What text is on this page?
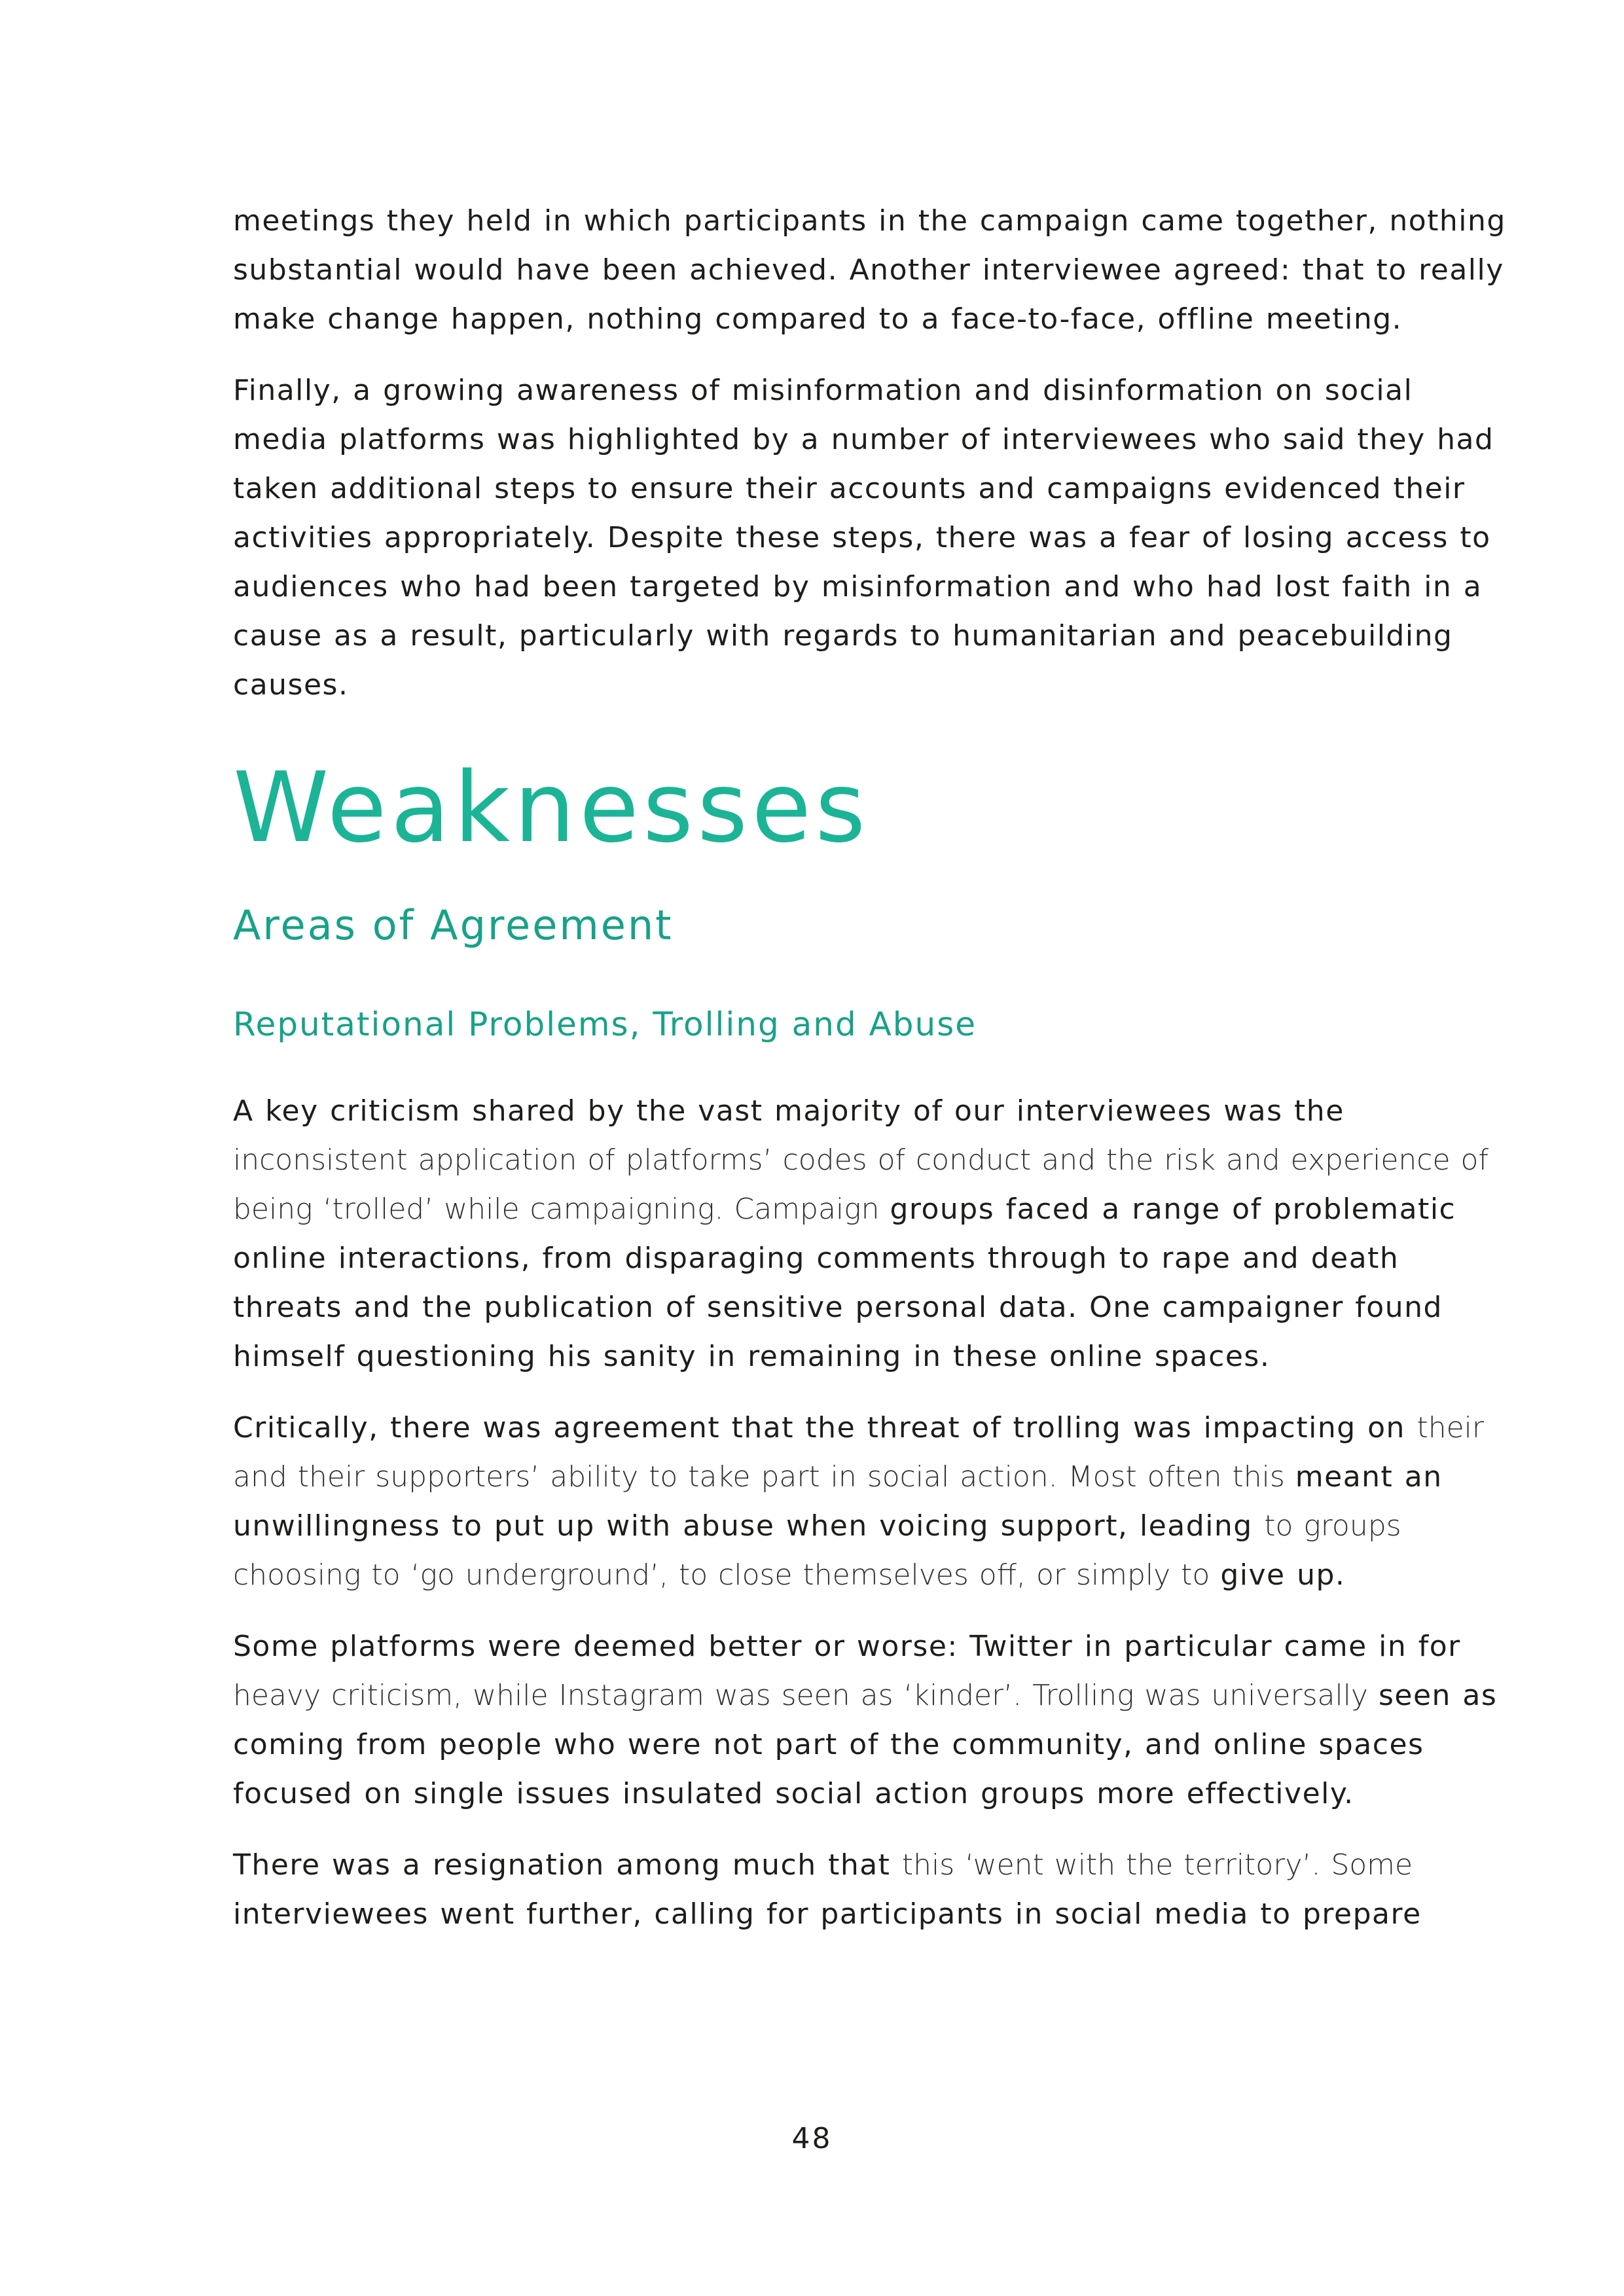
meetings they held in which participants in the campaign came together, nothing substantial would have been achieved. Another interviewee agreed: that to really make change happen, nothing compared to a face-to-face, offline meeting.

Finally, a growing awareness of misinformation and disinformation on social media platforms was highlighted by a number of interviewees who said they had taken additional steps to ensure their accounts and campaigns evidenced their activities appropriately. Despite these steps, there was a fear of losing access to audiences who had been targeted by misinformation and who had lost faith in a cause as a result, particularly with regards to humanitarian and peacebuilding causes.

Weaknesses
Areas of Agreement
Reputational Problems, Trolling and Abuse

A key criticism shared by the vast majority of our interviewees was the inconsistent application of platforms’ codes of conduct and the risk and experience of being ‘trolled’ while campaigning. Campaign groups faced a range of problematic online interactions, from disparaging comments through to rape and death threats and the publication of sensitive personal data. One campaigner found himself questioning his sanity in remaining in these online spaces.

Critically, there was agreement that the threat of trolling was impacting on their and their supporters’ ability to take part in social action. Most often this meant an unwillingness to put up with abuse when voicing support, leading to groups choosing to ‘go underground’, to close themselves off, or simply to give up.

Some platforms were deemed better or worse: Twitter in particular came in for heavy criticism, while Instagram was seen as ‘kinder’. Trolling was universally seen as coming from people who were not part of the community, and online spaces focused on single issues insulated social action groups more effectively.

There was a resignation among much that this ‘went with the territory’. Some interviewees went further, calling for participants in social media to prepare

48
